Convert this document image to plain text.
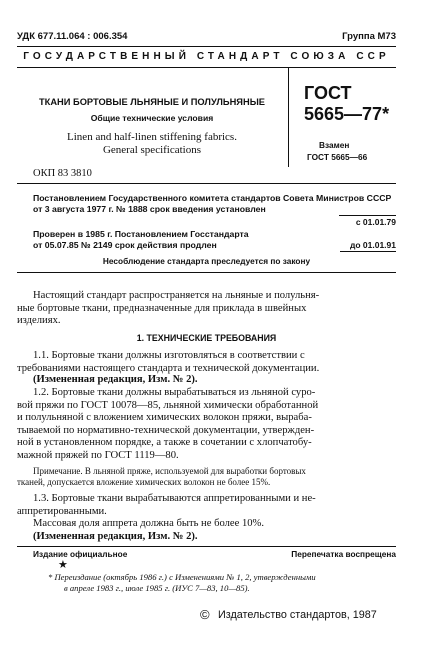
УДК 677.11.064 : 006.354	Группа М73
ГОСУДАРСТВЕННЫЙ СТАНДАРТ СОЮЗА ССР
ТКАНИ БОРТОВЫЕ ЛЬНЯНЫЕ И ПОЛУЛЬНЯНЫЕ
Общие технические условия
Linen and half-linen stiffening fabrics.
General specifications
ГОСТ
5665—77*
Взамен
ГОСТ 5665—66
ОКП 83 3810
Постановлением Государственного комитета стандартов Совета Министров СССР
от 3 августа 1977 г. № 1888 срок введения установлен
с 01.01.79
Проверен в 1985 г. Постановлением Госстандарта
от 05.07.85 № 2149 срок действия продлен	до 01.01.91
Несоблюдение стандарта преследуется по закону
Настоящий стандарт распространяется на льняные и полульня-
ные бортовые ткани, предназначенные для приклада в швейных
изделиях.
1. ТЕХНИЧЕСКИЕ ТРЕБОВАНИЯ
1.1. Бортовые ткани должны изготовляться в соответствии с
требованиями настоящего стандарта и технической документации.
(Измененная редакция, Изм. № 2).
1.2. Бортовые ткани должны вырабатываться из льняной суро-
вой пряжи по ГОСТ 10078—85, льняной химически обработанной
и полульняной с вложением химических волокон пряжи, выраба-
тываемой по нормативно-технической документации, утвержден-
ной в установленном порядке, а также в сочетании с хлопчатобу-
мажной пряжей по ГОСТ 1119—80.
Примечание. В льняной пряже, используемой для выработки бортовых
тканей, допускается вложение химических волокон не более 15%.
1.3. Бортовые ткани вырабатываются аппретированными и не-
аппретированными.
Массовая доля аппрета должна быть не более 10%.
(Измененная редакция, Изм. № 2).
Издание официальное	Перепечатка воспрещена
★
* Переиздание (октябрь 1986 г.) с Изменениями № 1, 2, утвержденными
в апреле 1983 г., июле 1985 г. (ИУС 7—83, 10—85).
© Издательство стандартов, 1987
